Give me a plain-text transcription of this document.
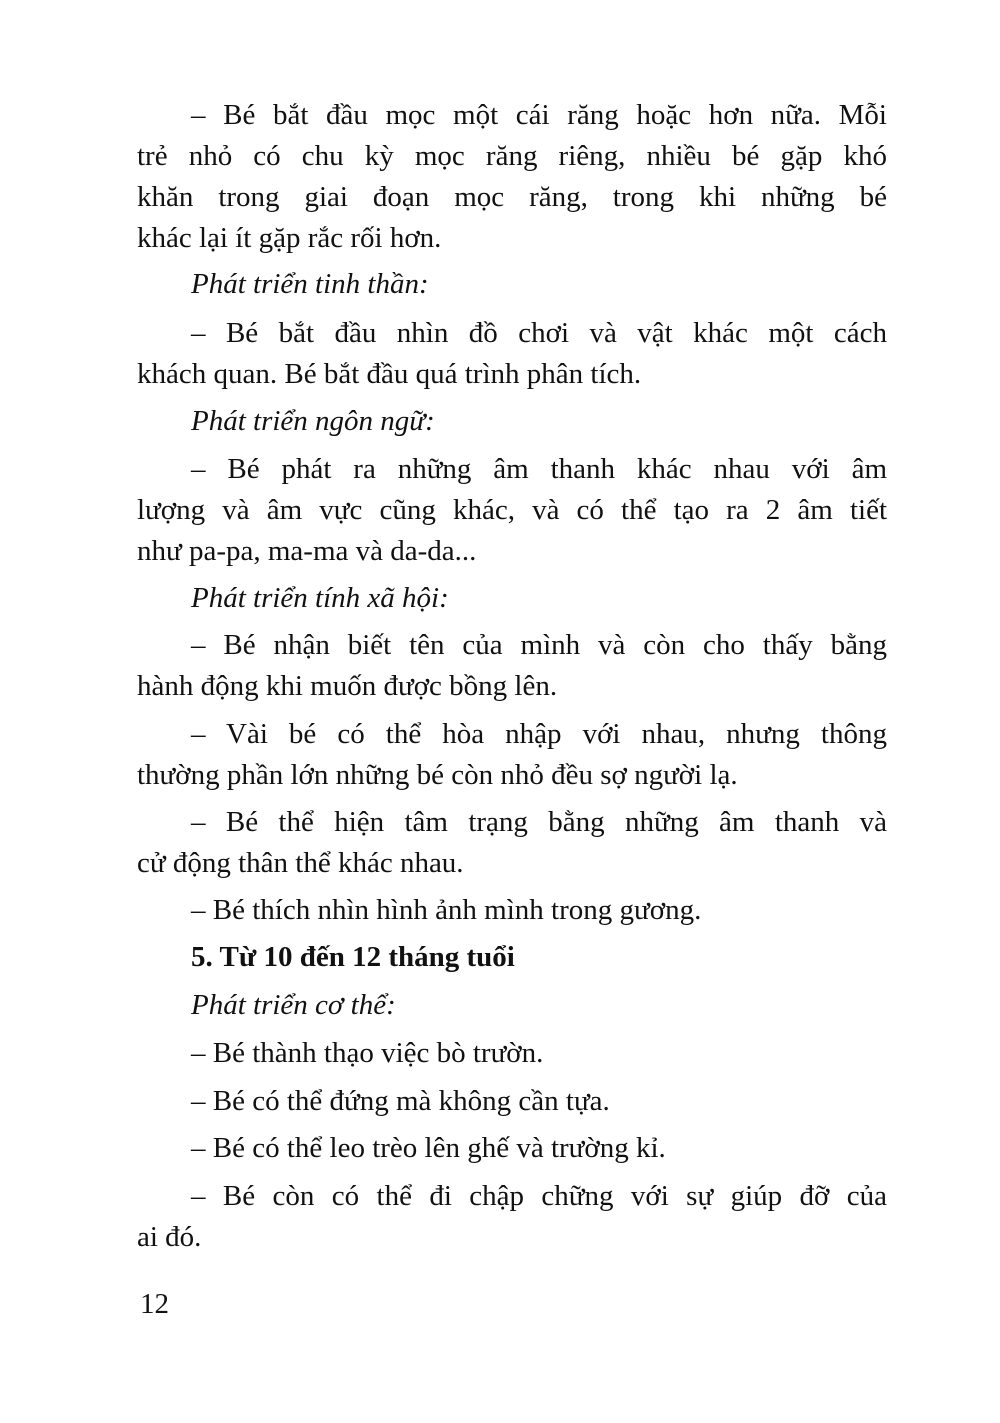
– Bé bắt đầu mọc một cái răng hoặc hơn nữa. Mỗi
trẻ nhỏ có chu kỳ mọc răng riêng, nhiều bé gặp khó
khăn trong giai đoạn mọc răng, trong khi những bé
khác lại ít gặp rắc rối hơn.
Phát triển tinh thần:
– Bé bắt đầu nhìn đồ chơi và vật khác một cách
khách quan. Bé bắt đầu quá trình phân tích.
Phát triển ngôn ngữ:
– Bé phát ra những âm thanh khác nhau với âm
lượng và âm vực cũng khác, và có thể tạo ra 2 âm tiết
như pa-pa, ma-ma và da-da...
Phát triển tính xã hội:
– Bé nhận biết tên của mình và còn cho thấy bằng
hành động khi muốn được bồng lên.
– Vài bé có thể hòa nhập với nhau, nhưng thông
thường phần lớn những bé còn nhỏ đều sợ người lạ.
– Bé thể hiện tâm trạng bằng những âm thanh và
cử động thân thể khác nhau.
– Bé thích nhìn hình ảnh mình trong gương.
5. Từ 10 đến 12 tháng tuổi
Phát triển cơ thể:
– Bé thành thạo việc bò trườn.
– Bé có thể đứng mà không cần tựa.
– Bé có thể leo trèo lên ghế và trường kỉ.
– Bé còn có thể đi chập chững với sự giúp đỡ của
ai đó.
12
